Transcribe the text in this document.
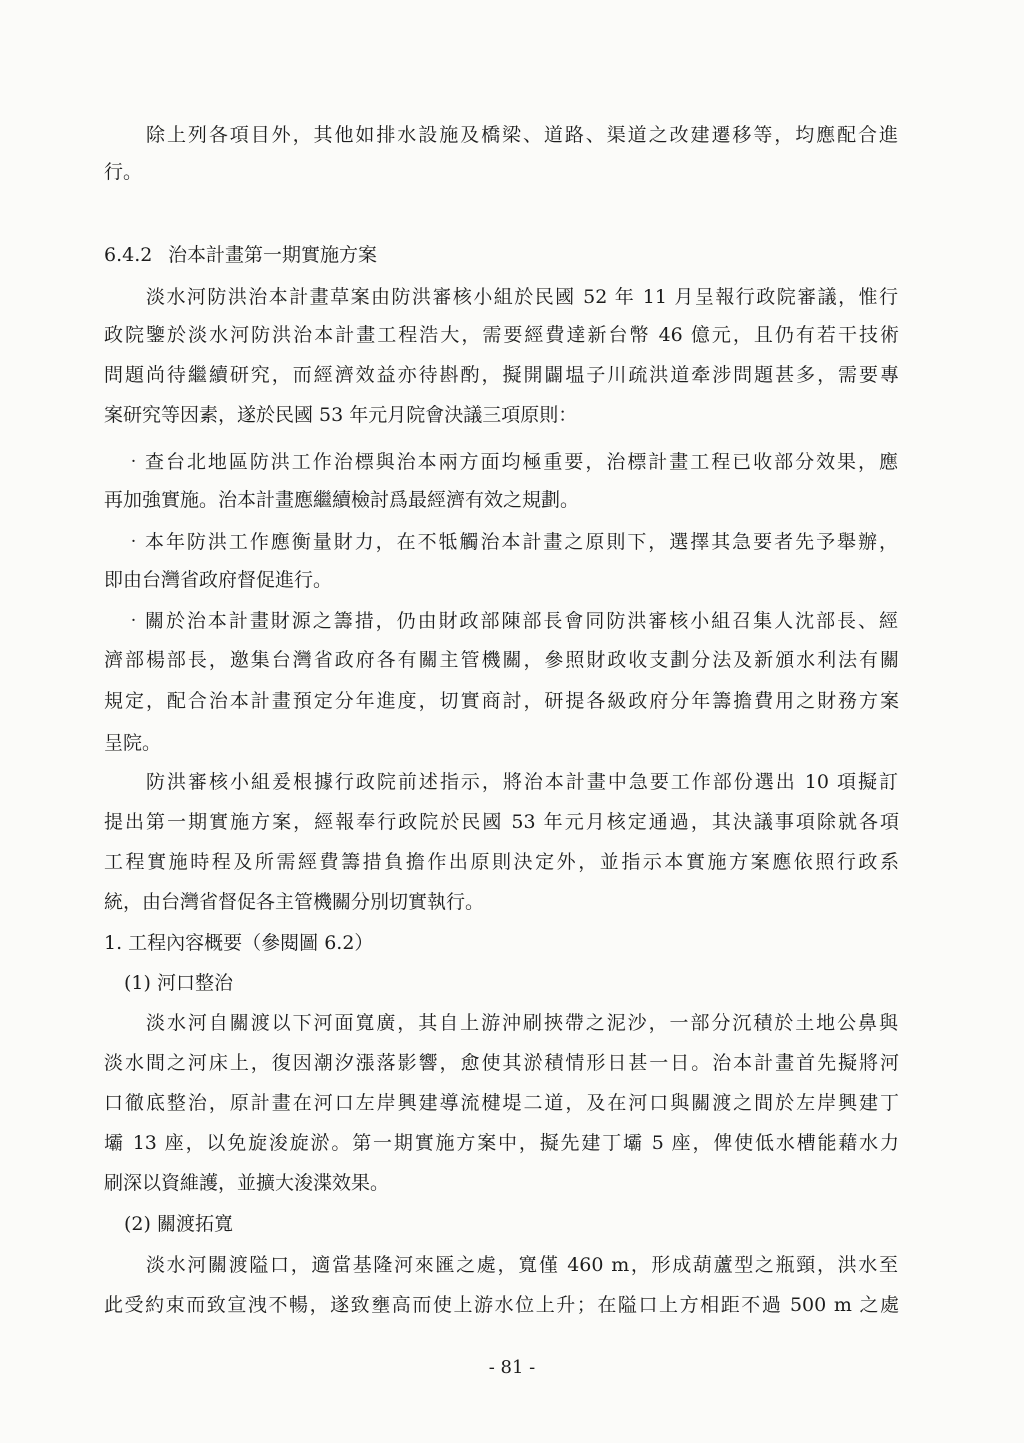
除上列各項目外，其他如排水設施及橋梁、道路、渠道之改建遷移等，均應配合進
行。
6.4.2 治本計畫第一期實施方案
淡水河防洪治本計畫草案由防洪審核小組於民國 52 年 11 月呈報行政院審議，惟行
政院鑒於淡水河防洪治本計畫工程浩大，需要經費達新台幣 46 億元，且仍有若干技術
問題尚待繼續研究，而經濟效益亦待斟酌，擬開闢塭子川疏洪道牽涉問題甚多，需要專
案研究等因素，遂於民國 53 年元月院會決議三項原則：
‧查台北地區防洪工作治標與治本兩方面均極重要，治標計畫工程已收部分效果，應
再加強實施。治本計畫應繼續檢討爲最經濟有效之規劃。
‧本年防洪工作應衡量財力，在不牴觸治本計畫之原則下，選擇其急要者先予舉辦，
即由台灣省政府督促進行。
‧關於治本計畫財源之籌措，仍由財政部陳部長會同防洪審核小組召集人沈部長、經
濟部楊部長，邀集台灣省政府各有關主管機關，參照財政收支劃分法及新頒水利法有關
規定，配合治本計畫預定分年進度，切實商討，研提各級政府分年籌擔費用之財務方案
呈院。
防洪審核小組爰根據行政院前述指示，將治本計畫中急要工作部份選出 10 項擬訂
提出第一期實施方案，經報奉行政院於民國 53 年元月核定通過，其決議事項除就各項
工程實施時程及所需經費籌措負擔作出原則決定外，並指示本實施方案應依照行政系
統，由台灣省督促各主管機關分別切實執行。
1. 工程內容概要（參閱圖 6.2）
(1) 河口整治
淡水河自關渡以下河面寬廣，其自上游沖刷挾帶之泥沙，一部分沉積於土地公鼻與
淡水間之河床上，復因潮汐漲落影響，愈使其淤積情形日甚一日。治本計畫首先擬將河
口徹底整治，原計畫在河口左岸興建導流楗堤二道，及在河口與關渡之間於左岸興建丁
壩 13 座，以免旋浚旋淤。第一期實施方案中，擬先建丁壩 5 座，俾使低水槽能藉水力
刷深以資維護，並擴大浚渫效果。
(2) 關渡拓寬
淡水河關渡隘口，適當基隆河來匯之處，寬僅 460 m，形成葫蘆型之瓶頸，洪水至
此受約束而致宣洩不暢，遂致壅高而使上游水位上升；在隘口上方相距不過 500 m 之處
- 81 -
